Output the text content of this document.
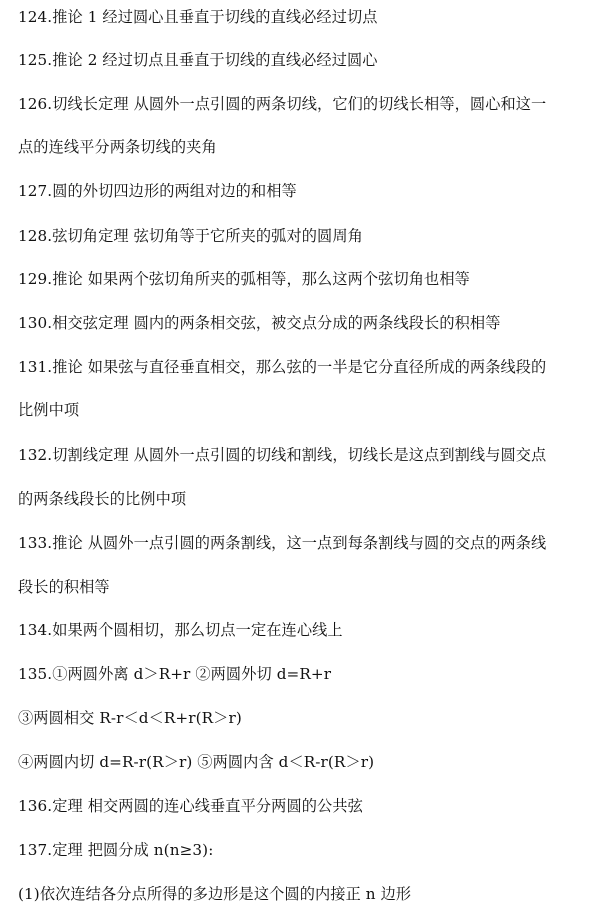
124.推论 1 经过圆心且垂直于切线的直线必经过切点
125.推论 2 经过切点且垂直于切线的直线必经过圆心
126.切线长定理 从圆外一点引圆的两条切线，它们的切线长相等，圆心和这一
点的连线平分两条切线的夹角
127.圆的外切四边形的两组对边的和相等
128.弦切角定理 弦切角等于它所夹的弧对的圆周角
129.推论 如果两个弦切角所夹的弧相等，那么这两个弦切角也相等
130.相交弦定理 圆内的两条相交弦，被交点分成的两条线段长的积相等
131.推论 如果弦与直径垂直相交，那么弦的一半是它分直径所成的两条线段的
比例中项
132.切割线定理 从圆外一点引圆的切线和割线，切线长是这点到割线与圆交点
的两条线段长的比例中项
133.推论 从圆外一点引圆的两条割线，这一点到每条割线与圆的交点的两条线
段长的积相等
134.如果两个圆相切，那么切点一定在连心线上
135.①两圆外离 d＞R+r ②两圆外切 d=R+r
③两圆相交 R-r＜d＜R+r(R＞r)
④两圆内切 d=R-r(R＞r) ⑤两圆内含 d＜R-r(R＞r)
136.定理 相交两圆的连心线垂直平分两圆的公共弦
137.定理 把圆分成 n(n≥3):
(1)依次连结各分点所得的多边形是这个圆的内接正 n 边形
